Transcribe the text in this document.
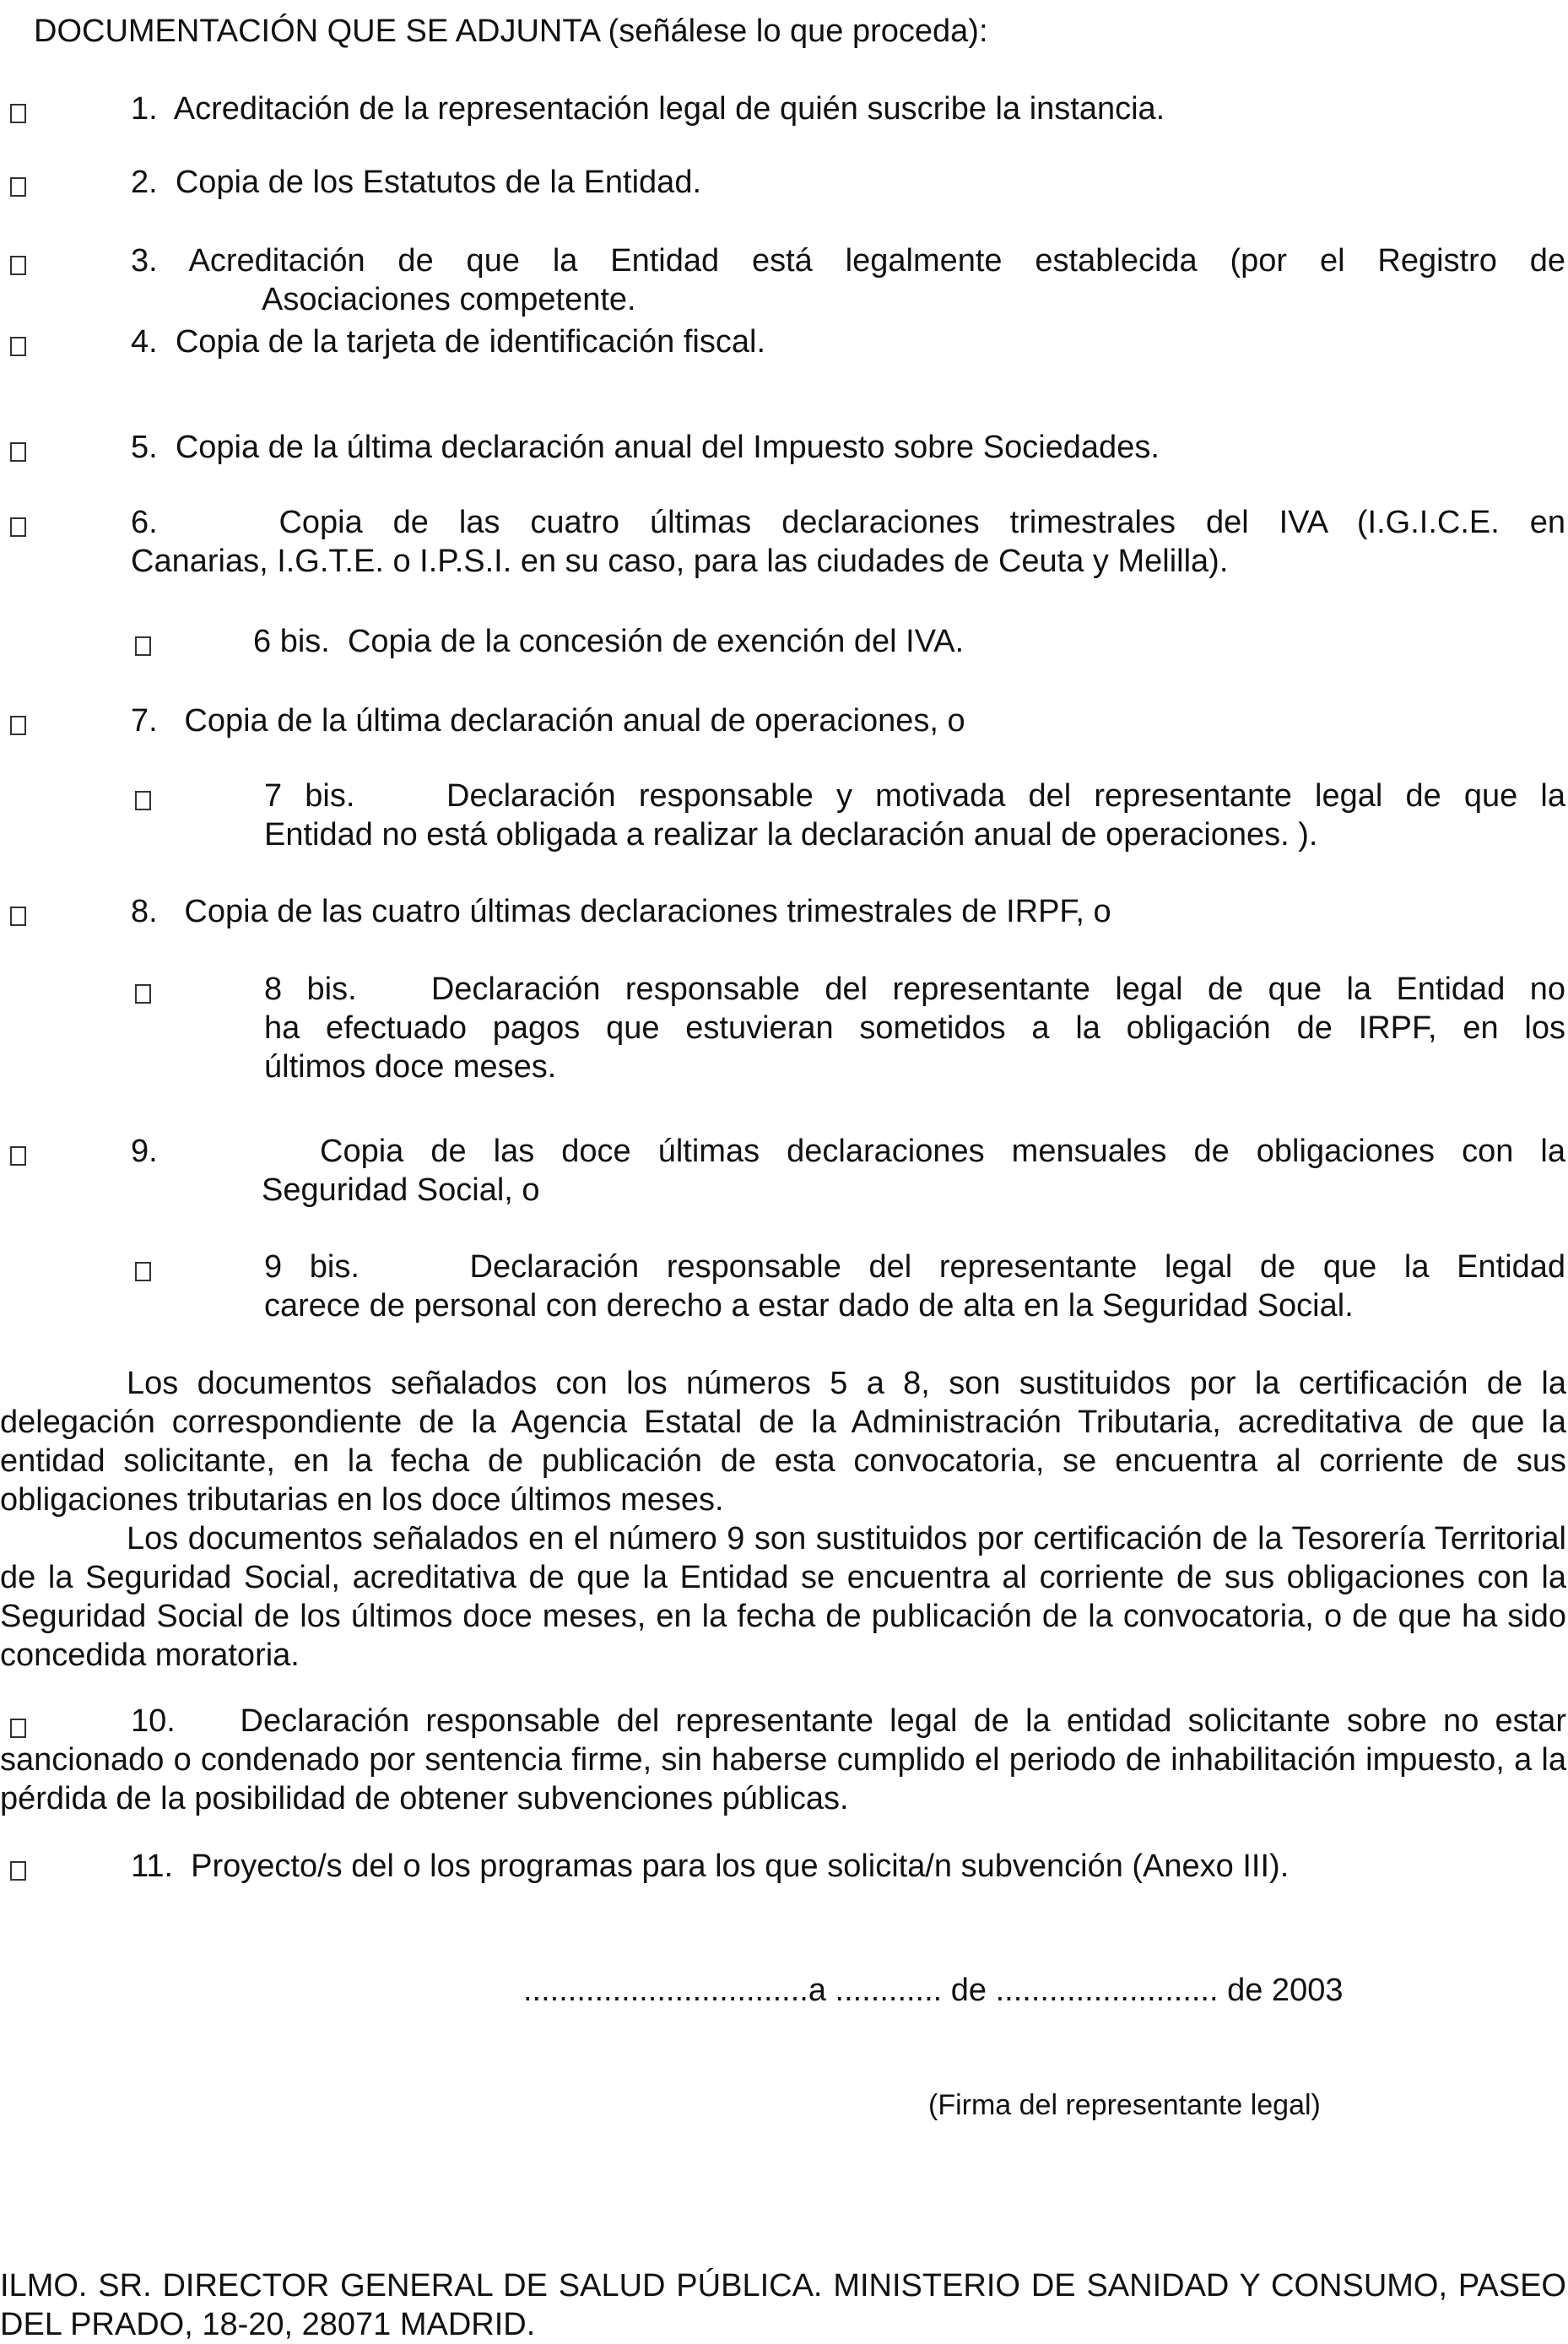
DOCUMENTACIÓN QUE SE ADJUNTA (señálese lo que proceda):
1. Acreditación de la representación legal de quién suscribe la instancia.
2. Copia de los Estatutos de la Entidad.
3. Acreditación de que la Entidad está legalmente establecida (por el Registro de
Asociaciones competente.
4. Copia de la tarjeta de identificación fiscal.
5. Copia de la última declaración anual del Impuesto sobre Sociedades.
6.	Copia de las cuatro últimas declaraciones trimestrales del IVA (I.G.I.C.E. en
Canarias, I.G.T.E. o I.P.S.I. en su caso, para las ciudades de Ceuta y Melilla).
6 bis. Copia de la concesión de exención del IVA.
7. Copia de la última declaración anual de operaciones, o
7 bis.	Declaración responsable y motivada del representante legal de que la
Entidad no está obligada a realizar la declaración anual de operaciones. ).
8. Copia de las cuatro últimas declaraciones trimestrales de IRPF, o
8 bis. Declaración responsable del representante legal de que la Entidad no
ha efectuado pagos que estuvieran sometidos a la obligación de IRPF, en los
últimos doce meses.
9.	Copia de las doce últimas declaraciones mensuales de obligaciones con la
Seguridad Social, o
9 bis.	Declaración responsable del representante legal de que la Entidad
carece de personal con derecho a estar dado de alta en la Seguridad Social.
Los documentos señalados con los números 5 a 8, son sustituidos por la certificación de la delegación correspondiente de la Agencia Estatal de la Administración Tributaria, acreditativa de que la entidad solicitante, en la fecha de publicación de esta convocatoria, se encuentra al corriente de sus obligaciones tributarias en los doce últimos meses.
Los documentos señalados en el número 9 son sustituidos por certificación de la Tesorería Territorial de la Seguridad Social, acreditativa de que la Entidad se encuentra al corriente de sus obligaciones con la Seguridad Social de los últimos doce meses, en la fecha de publicación de la convocatoria, o de que ha sido concedida moratoria.
10. Declaración responsable del representante legal de la entidad solicitante sobre no estar sancionado o condenado por sentencia firme, sin haberse cumplido el periodo de inhabilitación impuesto, a la pérdida de la posibilidad de obtener subvenciones públicas.
11. Proyecto/s del o los programas para los que solicita/n subvención (Anexo III).
................................a ............ de ......................... de 2003
(Firma del representante legal)
ILMO. SR. DIRECTOR GENERAL DE SALUD PÚBLICA. MINISTERIO DE SANIDAD Y CONSUMO, PASEO DEL PRADO, 18-20, 28071 MADRID.
